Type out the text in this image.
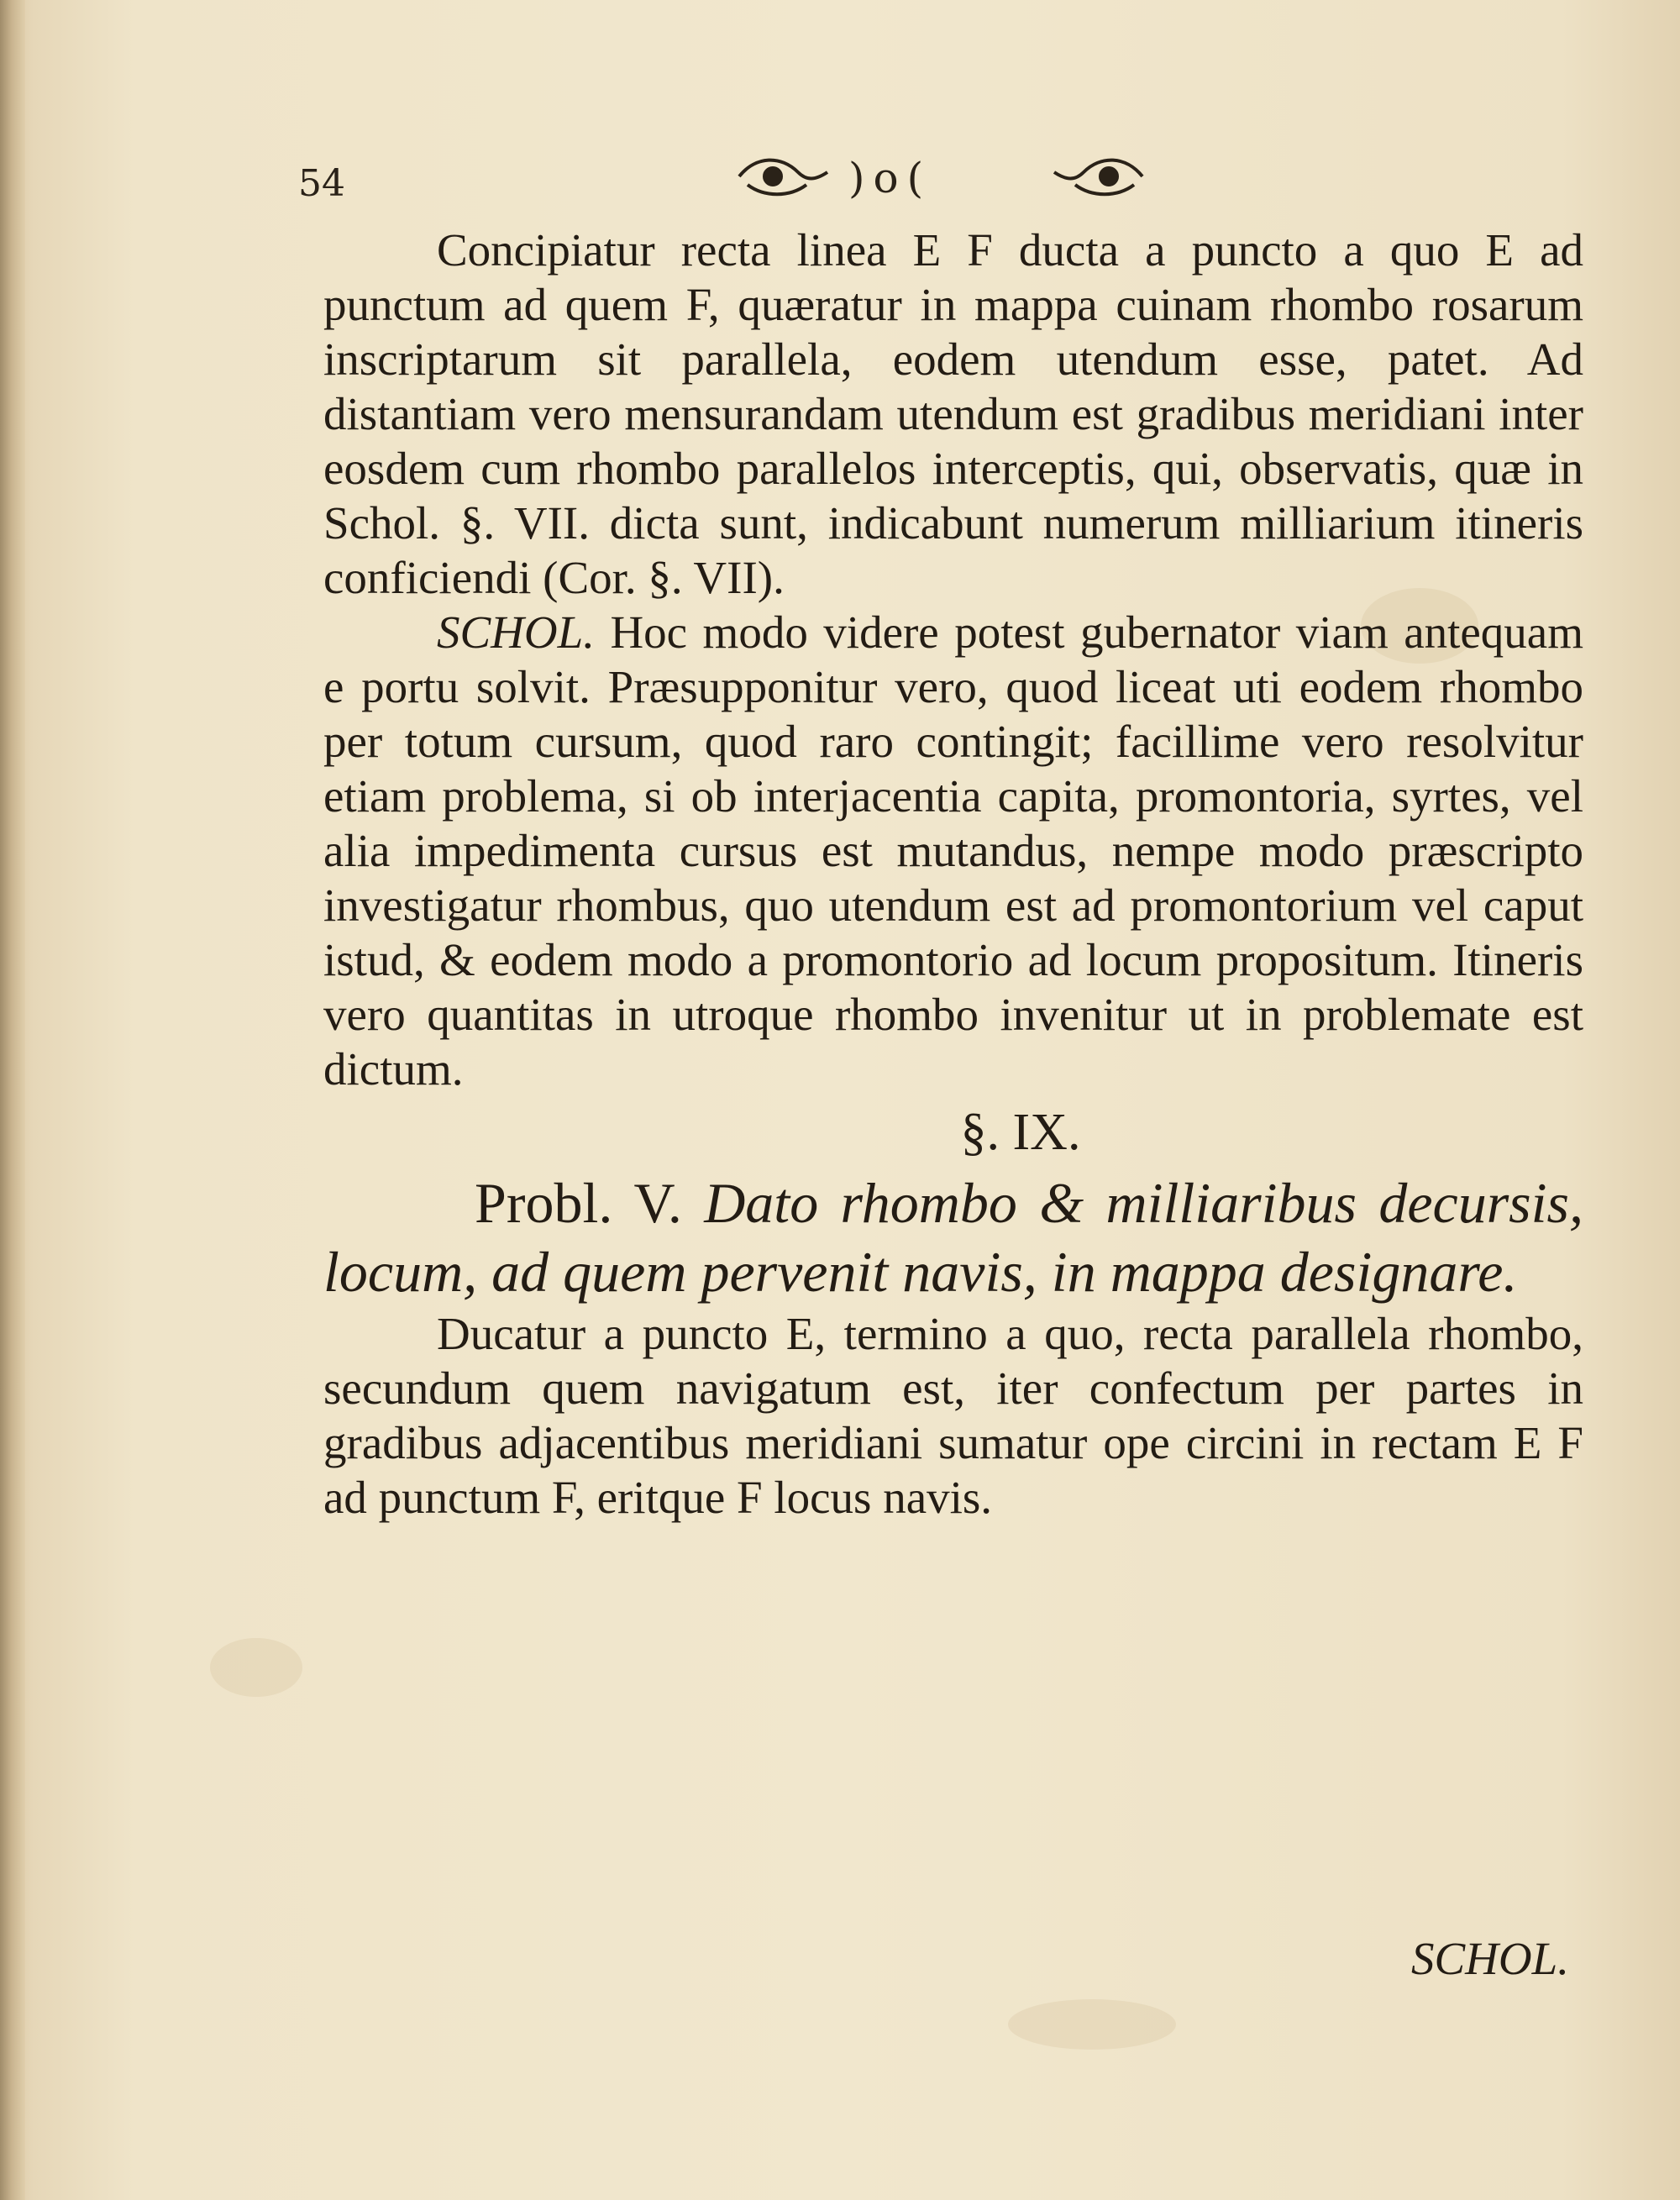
54	)o(

Concipiatur recta linea E F ducta a puncto a quo E ad punctum ad quem F, quæratur in mappa cuinam rhombo rosarum inscriptarum sit parallela, eodem utendum esse, patet. Ad distantiam vero mensurandam utendum est gradibus meridiani inter eosdem cum rhombo parallelos interceptis, qui, observatis, quæ in Schol. §. VII. dicta sunt, indicabunt numerum milliarium itineris conficiendi (Cor. §. VII).

SCHOL. Hoc modo videre potest gubernator viam antequam e portu solvit. Præsupponitur vero, quod liceat uti eodem rhombo per totum cursum, quod raro contingit; facillime vero resolvitur etiam problema, si ob interjacentia capita, promontoria, syrtes, vel alia impedimenta cursus est mutandus, nempe modo præscripto investigatur rhombus, quo utendum est ad promontorium vel caput istud, & eodem modo a promontorio ad locum propositum. Itineris vero quantitas in utroque rhombo invenitur ut in problemate est dictum.

§. IX.

Probl. V. Dato rhombo & milliaribus decursis, locum, ad quem pervenit navis, in mappa designare.

Ducatur a puncto E, termino a quo, recta parallela rhombo, secundum quem navigatum est, iter confectum per partes in gradibus adjacentibus meridiani sumatur ope circini in rectam E F ad punctum F, eritque F locus navis.

SCHOL.
